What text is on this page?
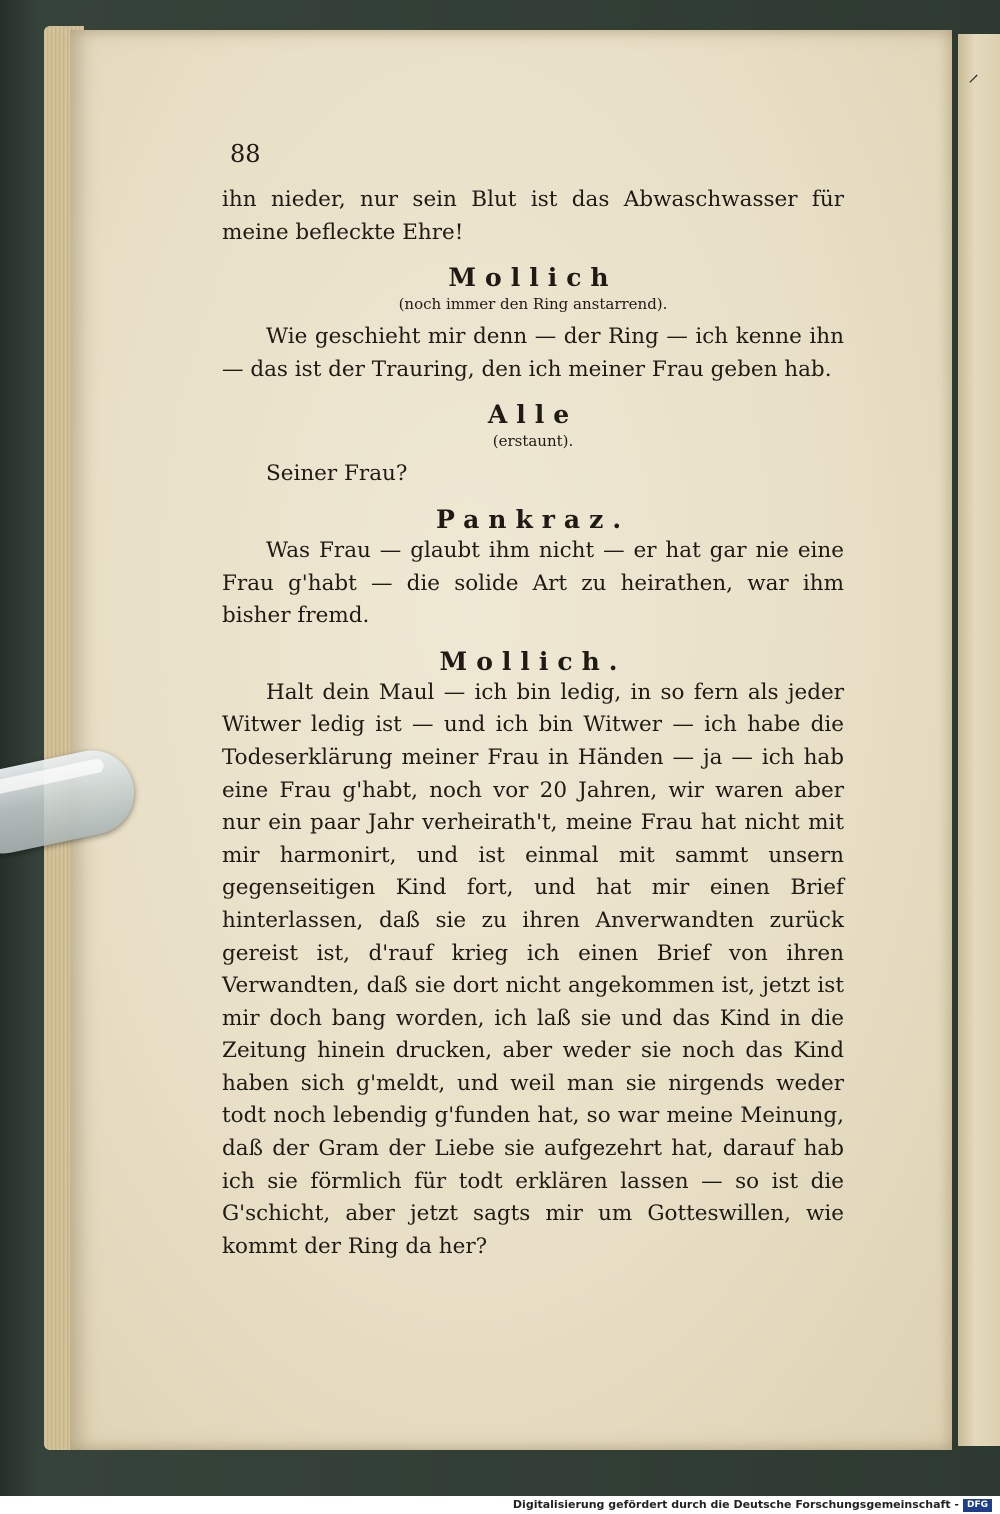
⸝
88

ihn nieder, nur sein Blut ist das Abwaschwasser für meine befleckte Ehre!

Mollich
(noch immer den Ring anstarrend).

Wie geschieht mir denn — der Ring — ich kenne ihn — das ist der Trauring, den ich meiner Frau geben hab.

Alle
(erstaunt).

Seiner Frau?

Pankraz.

Was Frau — glaubt ihm nicht — er hat gar nie eine Frau g'habt — die solide Art zu heirathen, war ihm bisher fremd.

Mollich.

Halt dein Maul — ich bin ledig, in so fern als jeder Witwer ledig ist — und ich bin Witwer — ich habe die Todeserklärung meiner Frau in Händen — ja — ich hab eine Frau g'habt, noch vor 20 Jahren, wir waren aber nur ein paar Jahr verheirath't, meine Frau hat nicht mit mir harmonirt, und ist einmal mit sammt unsern gegenseitigen Kind fort, und hat mir einen Brief hinterlassen, daß sie zu ihren Anverwandten zurück gereist ist, d'rauf krieg ich einen Brief von ihren Verwandten, daß sie dort nicht angekommen ist, jetzt ist mir doch bang worden, ich laß sie und das Kind in die Zeitung hinein drucken, aber weder sie noch das Kind haben sich g'meldt, und weil man sie nirgends weder todt noch lebendig g'funden hat, so war meine Meinung, daß der Gram der Liebe sie aufgezehrt hat, darauf hab ich sie förmlich für todt erklären lassen — so ist die G'schicht, aber jetzt sagts mir um Gotteswillen, wie kommt der Ring da her?

Digitalisierung gefördert durch die Deutsche Forschungsgemeinschaft - DFG
